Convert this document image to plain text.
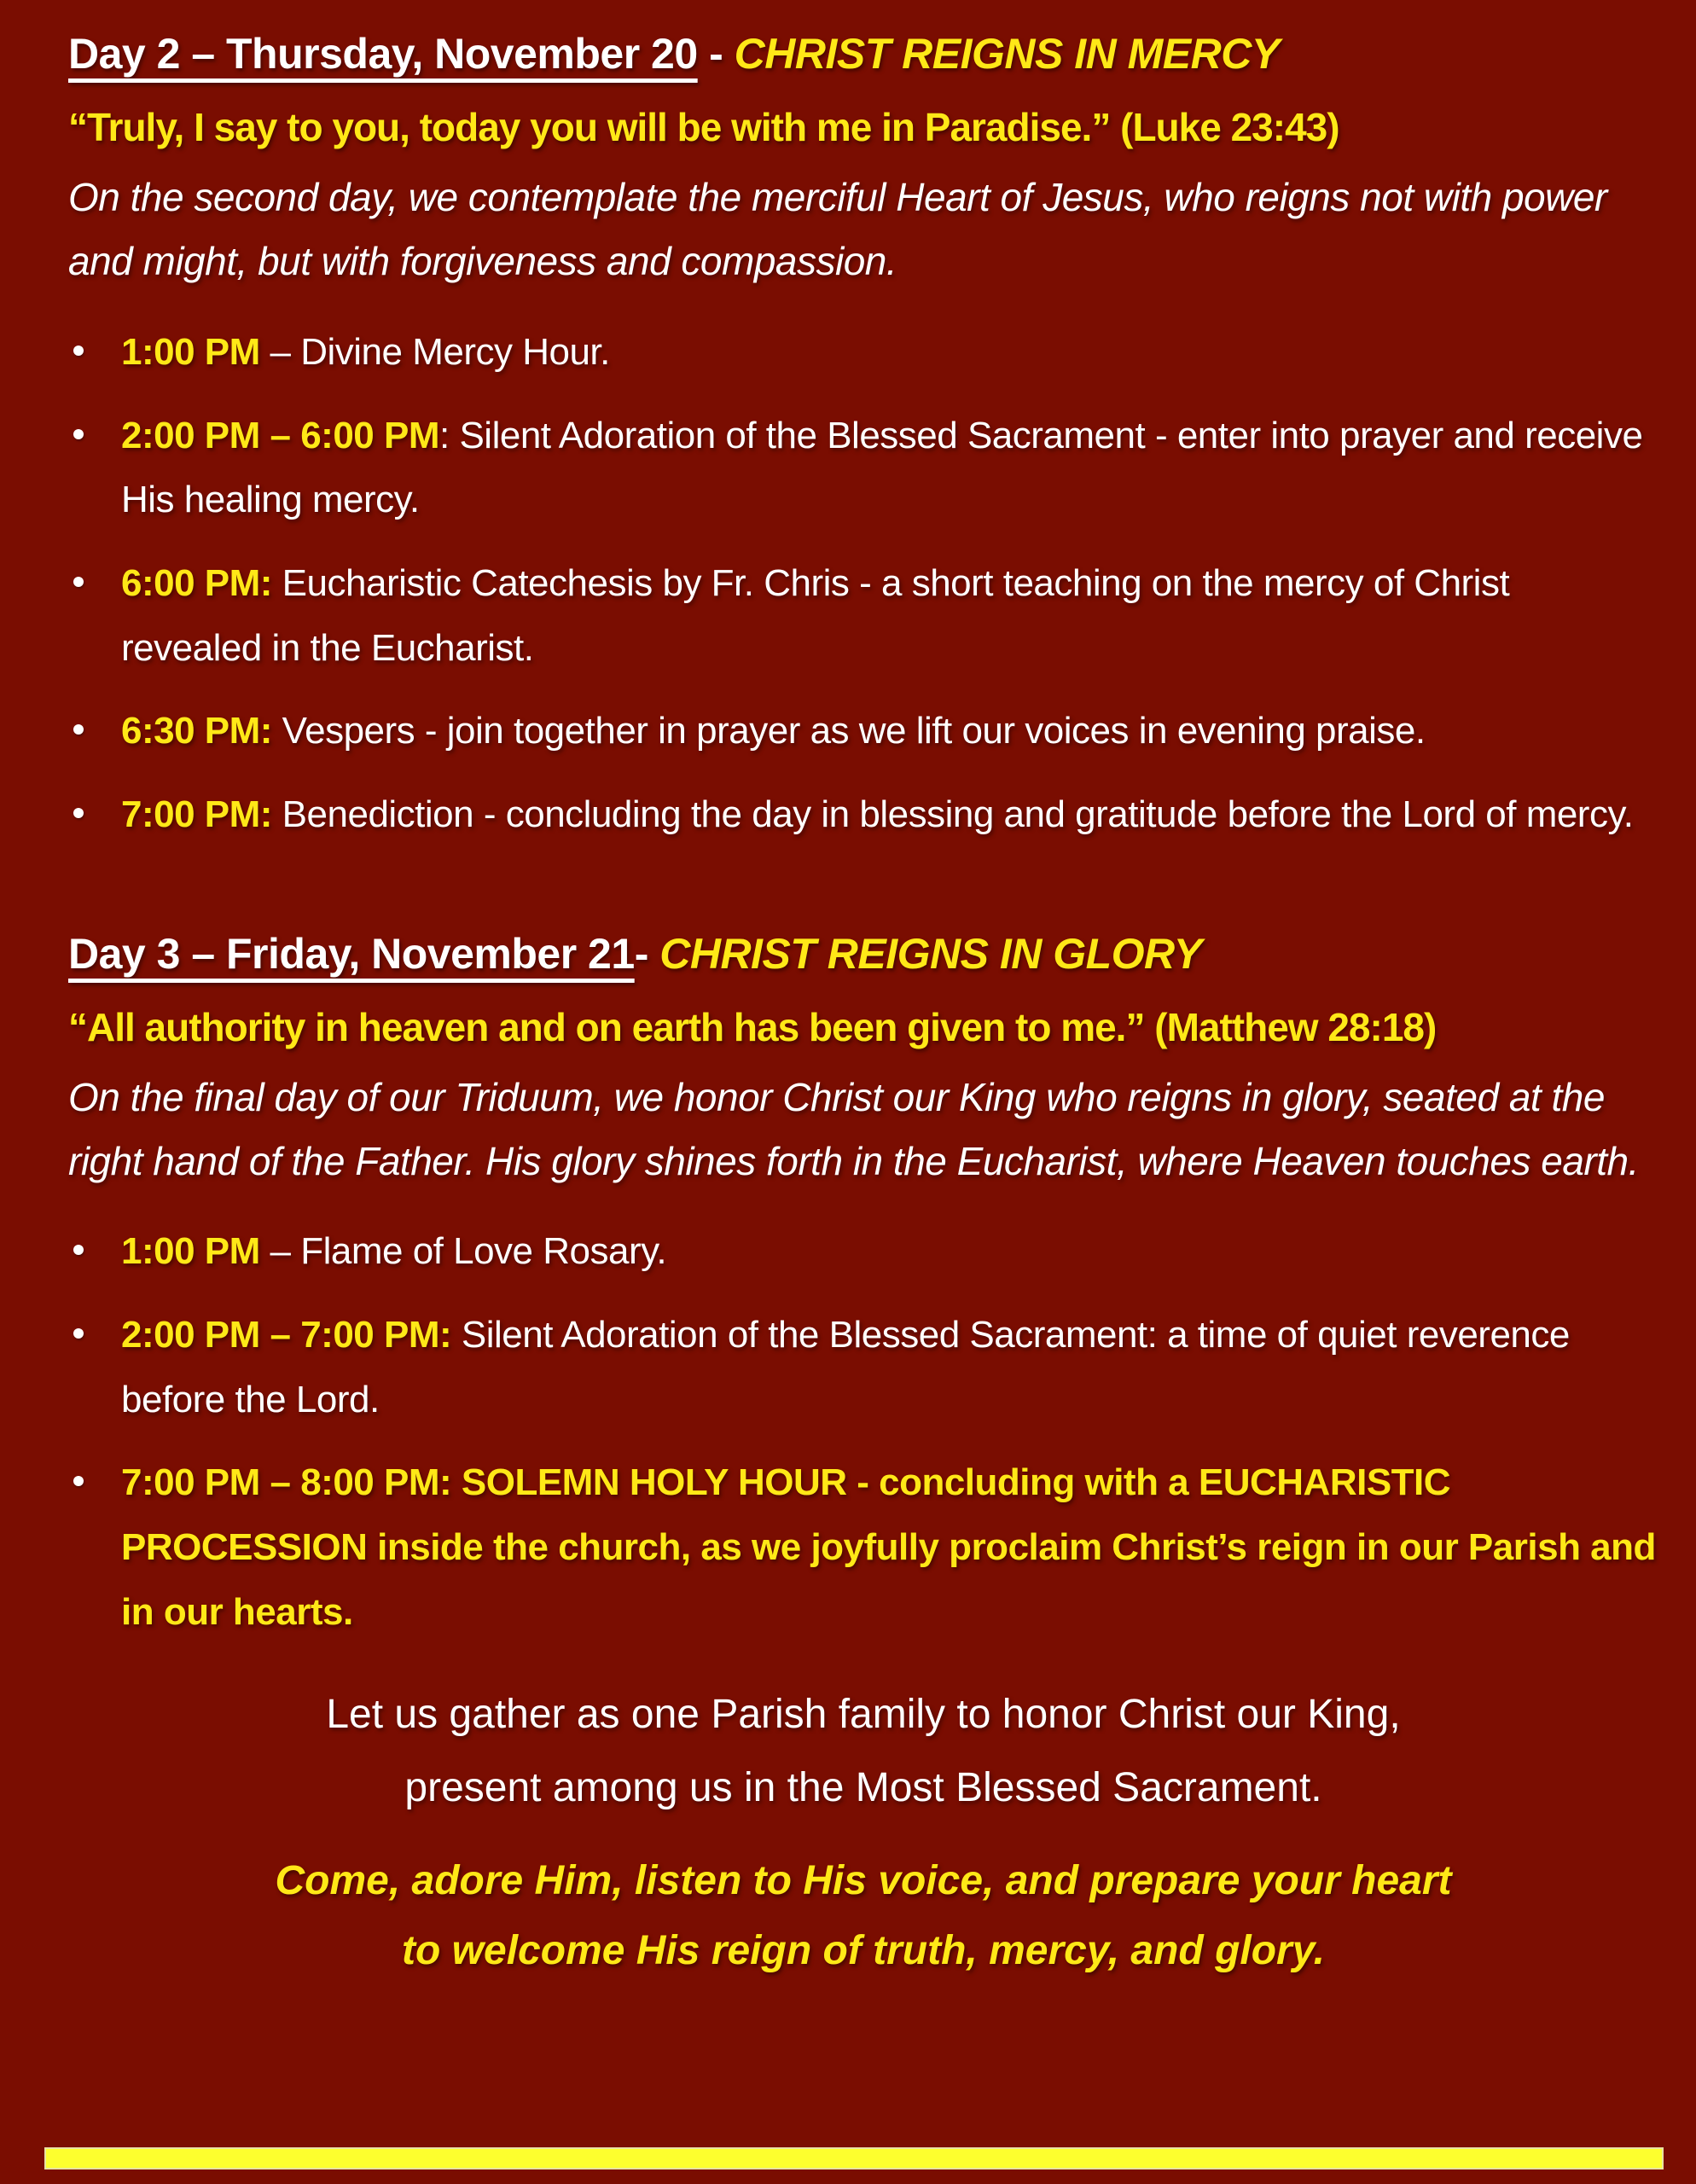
Day 2 – Thursday, November 20 - CHRIST REIGNS IN MERCY

“Truly, I say to you, today you will be with me in Paradise.” (Luke 23:43)

On the second day, we contemplate the merciful Heart of Jesus, who reigns not with power and might, but with forgiveness and compassion.

1:00 PM – Divine Mercy Hour.
2:00 PM – 6:00 PM: Silent Adoration of the Blessed Sacrament - enter into prayer and receive His healing mercy.
6:00 PM: Eucharistic Catechesis by Fr. Chris - a short teaching on the mercy of Christ revealed in the Eucharist.
6:30 PM: Vespers - join together in prayer as we lift our voices in evening praise.
7:00 PM: Benediction - concluding the day in blessing and gratitude before the Lord of mercy.
Day 3 – Friday, November 21- CHRIST REIGNS IN GLORY

“All authority in heaven and on earth has been given to me.” (Matthew 28:18)

On the final day of our Triduum, we honor Christ our King who reigns in glory, seated at the right hand of the Father. His glory shines forth in the Eucharist, where Heaven touches earth.

1:00 PM – Flame of Love Rosary.
2:00 PM – 7:00 PM: Silent Adoration of the Blessed Sacrament: a time of quiet reverence before the Lord.
7:00 PM – 8:00 PM: SOLEMN HOLY HOUR - concluding with a EUCHARISTIC PROCESSION inside the church, as we joyfully proclaim Christ’s reign in our Parish and in our hearts.
Let us gather as one Parish family to honor Christ our King,
present among us in the Most Blessed Sacrament.
Come, adore Him, listen to His voice, and prepare your heart
to welcome His reign of truth, mercy, and glory.
